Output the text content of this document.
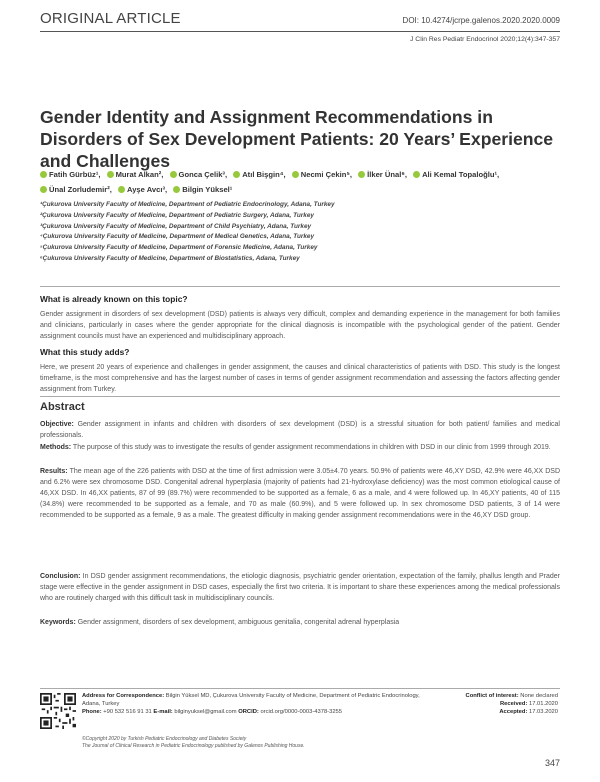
ORIGINAL ARTICLE	DOI: 10.4274/jcrpe.galenos.2020.2020.0009
J Clin Res Pediatr Endocrinol 2020;12(4):347-357
Gender Identity and Assignment Recommendations in Disorders of Sex Development Patients: 20 Years’ Experience and Challenges
Fatih Gürbüz¹, Murat Alkan², Gonca Çelik³, Atıl Bişgin⁴, Necmi Çekin⁵, İlker Ünal⁶, Ali Kemal Topaloğlu¹,
Ünal Zorludemir², Ayşe Avcı³, Bilgin Yüksel¹
¹Çukurova University Faculty of Medicine, Department of Pediatric Endocrinology, Adana, Turkey
²Çukurova University Faculty of Medicine, Department of Pediatric Surgery, Adana, Turkey
³Çukurova University Faculty of Medicine, Department of Child Psychiatry, Adana, Turkey
⁴Çukurova University Faculty of Medicine, Department of Medical Genetics, Adana, Turkey
⁵Çukurova University Faculty of Medicine, Department of Forensic Medicine, Adana, Turkey
⁶Çukurova University Faculty of Medicine, Department of Biostatistics, Adana, Turkey
What is already known on this topic?
Gender assignment in disorders of sex development (DSD) patients is always very difficult, complex and demanding experience in the management for both families and clinicians, particularly in cases where the gender appropriate for the clinical diagnosis is incompatible with the psychological gender of the patient. Gender assignment councils must have an experienced and multidisciplinary approach.
What this study adds?
Here, we present 20 years of experience and challenges in gender assignment, the causes and clinical characteristics of patients with DSD. This study is the longest timeframe, is the most comprehensive and has the largest number of cases in terms of gender assignment recommendation and assessing the factors affecting gender assignment from Turkey.
Abstract
Objective: Gender assignment in infants and children with disorders of sex development (DSD) is a stressful situation for both patient/ families and medical professionals.
Methods: The purpose of this study was to investigate the results of gender assignment recommendations in children with DSD in our clinic from 1999 through 2019.
Results: The mean age of the 226 patients with DSD at the time of first admission were 3.05±4.70 years. 50.9% of patients were 46,XY DSD, 42.9% were 46,XX DSD and 6.2% were sex chromosome DSD. Congenital adrenal hyperplasia (majority of patients had 21-hydroxylase deficiency) was the most common etiological cause of 46,XX DSD. In 46,XX patients, 87 of 99 (89.7%) were recommended to be supported as a female, 6 as a male, and 4 were followed up. In 46,XY patients, 40 of 115 (34.8%) were recommended to be supported as a female, and 70 as male (60.9%), and 5 were followed up. In sex chromosome DSD patients, 3 of 14 were recommended to be supported as a female, 9 as a male. The greatest difficulty in making gender assignment recommendations were in the 46,XY DSD group.
Conclusion: In DSD gender assignment recommendations, the etiologic diagnosis, psychiatric gender orientation, expectation of the family, phallus length and Prader stage were effective in the gender assignment in DSD cases, especially the first two criteria. It is important to share these experiences among the medical professionals who are routinely charged with this difficult task in multidisciplinary councils.
Keywords: Gender assignment, disorders of sex development, ambiguous genitalia, congenital adrenal hyperplasia
Address for Correspondence: Bilgin Yüksel MD, Çukurova University Faculty of Medicine, Department of Pediatric Endocrinology, Adana, Turkey
Phone: +90 532 516 91 31 E-mail: bilginyuksel@gmail.com ORCID: orcid.org/0000-0003-4378-3255
Conflict of interest: None declared
Received: 17.01.2020
Accepted: 17.03.2020
©Copyright 2020 by Turkish Pediatric Endocrinology and Diabetes Society
The Journal of Clinical Research in Pediatric Endocrinology published by Galenos Publishing House.
347
